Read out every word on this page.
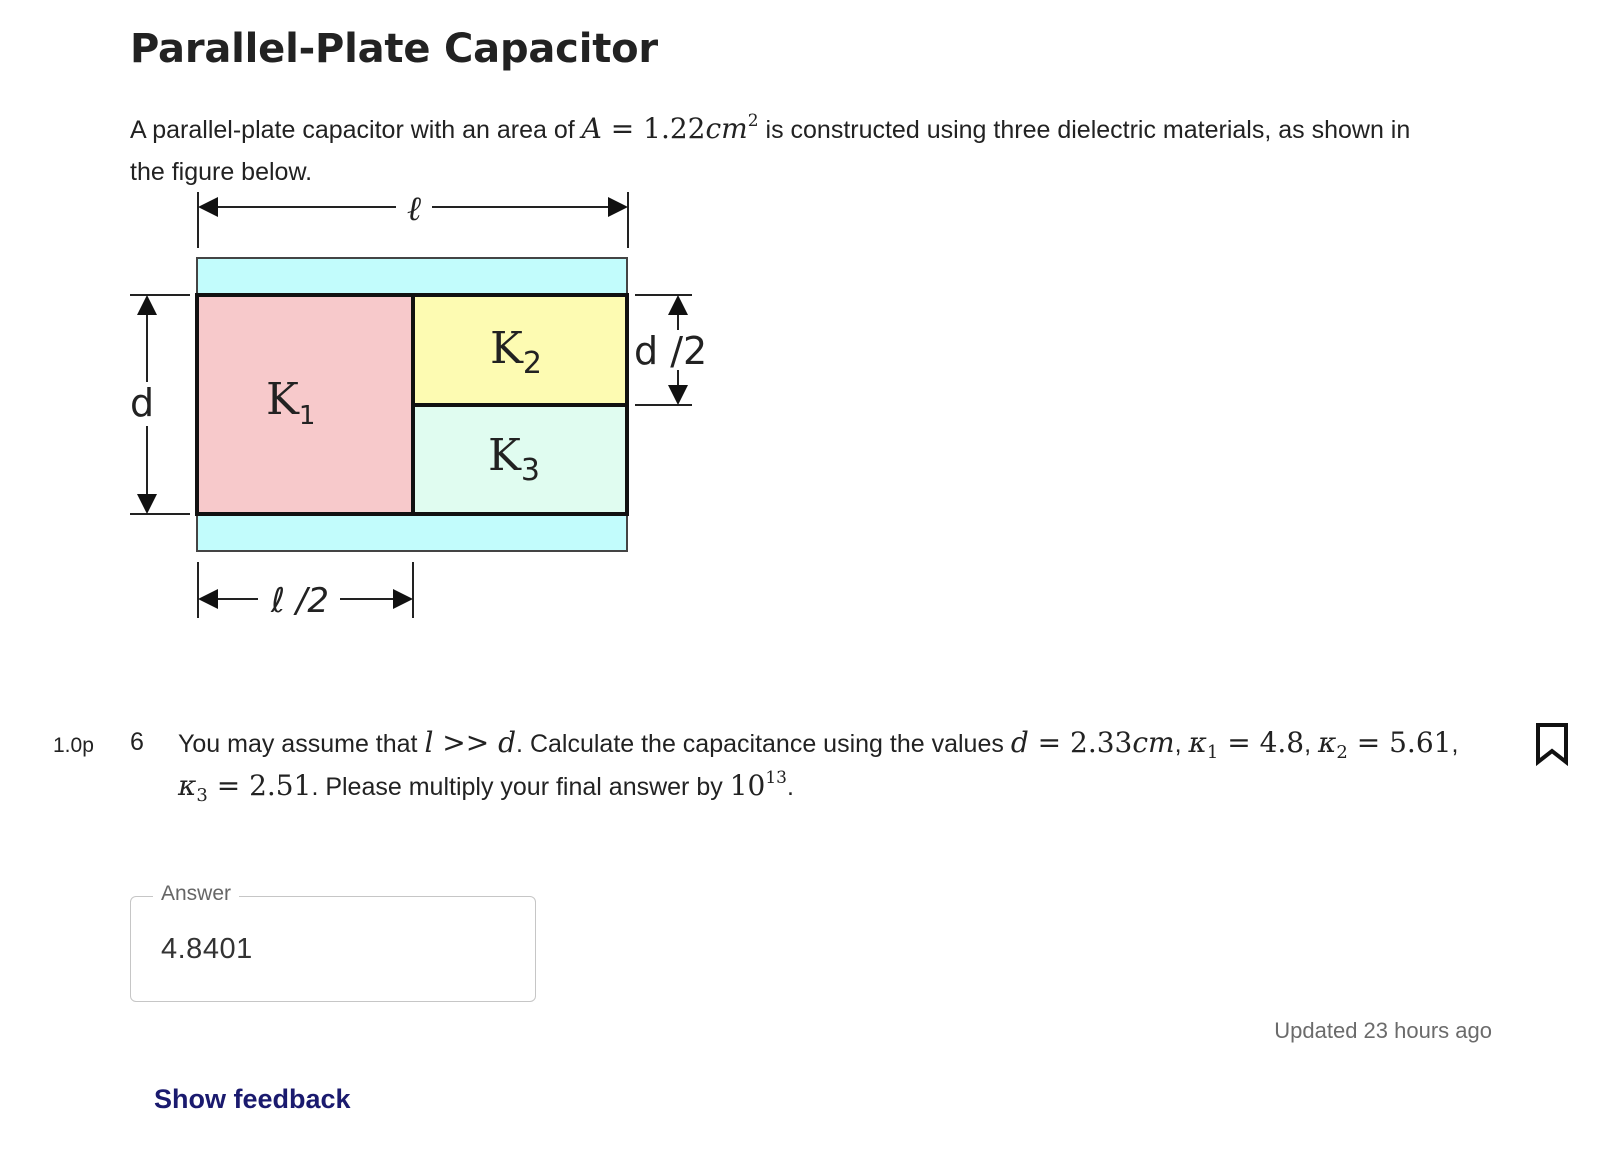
Parallel-Plate Capacitor
A parallel-plate capacitor with an area of $A = 1.22cm^2$ is constructed using three dielectric materials, as shown in the figure below.
ℓ
$K_1$
$K_2$
$K_3$
d
d /2
ℓ /2
1.0p 6 You may assume that l >> d. Calculate the capacitance using the values d = 2.33cm, $\kappa_1 = 4.8$, $\kappa_2 = 5.61$, $\kappa_3 = 2.51$. Please multiply your final answer by $10^{13}$.
Answer
4.8401
Updated 23 hours ago
Show feedback
